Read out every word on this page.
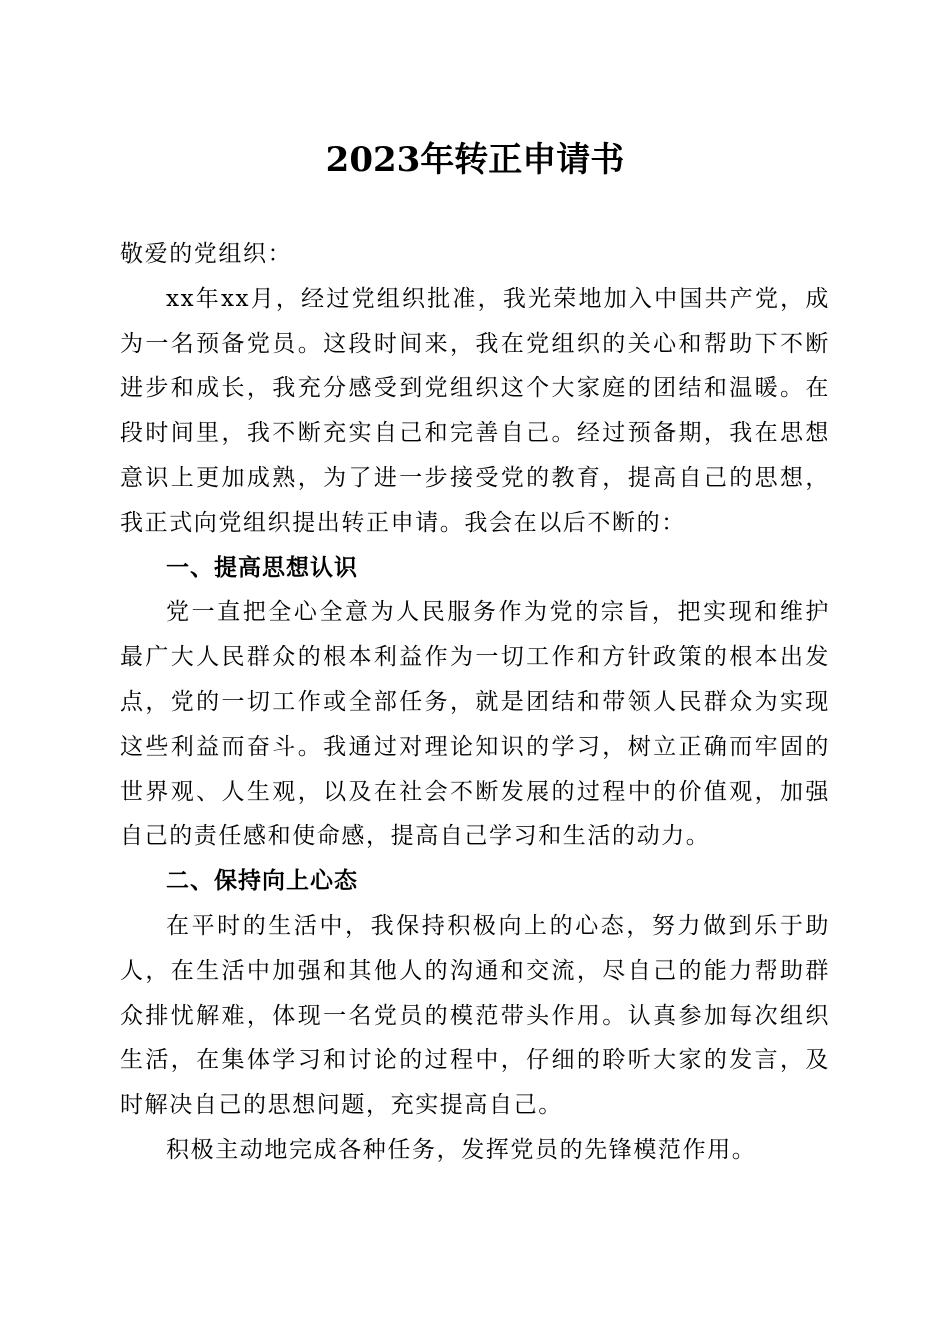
2023年转正申请书

敬爱的党组织：

xx年xx月，经过党组织批准，我光荣地加入中国共产党，成为一名预备党员。这段时间来，我在党组织的关心和帮助下不断进步和成长，我充分感受到党组织这个大家庭的团结和温暖。在段时间里，我不断充实自己和完善自己。经过预备期，我在思想意识上更加成熟，为了进一步接受党的教育，提高自己的思想，我正式向党组织提出转正申请。我会在以后不断的：

一、提高思想认识

党一直把全心全意为人民服务作为党的宗旨，把实现和维护最广大人民群众的根本利益作为一切工作和方针政策的根本出发点，党的一切工作或全部任务，就是团结和带领人民群众为实现这些利益而奋斗。我通过对理论知识的学习，树立正确而牢固的世界观、人生观，以及在社会不断发展的过程中的价值观，加强自己的责任感和使命感，提高自己学习和生活的动力。

二、保持向上心态

在平时的生活中，我保持积极向上的心态，努力做到乐于助人，在生活中加强和其他人的沟通和交流，尽自己的能力帮助群众排忧解难，体现一名党员的模范带头作用。认真参加每次组织生活，在集体学习和讨论的过程中，仔细的聆听大家的发言，及时解决自己的思想问题，充实提高自己。

积极主动地完成各种任务，发挥党员的先锋模范作用。
